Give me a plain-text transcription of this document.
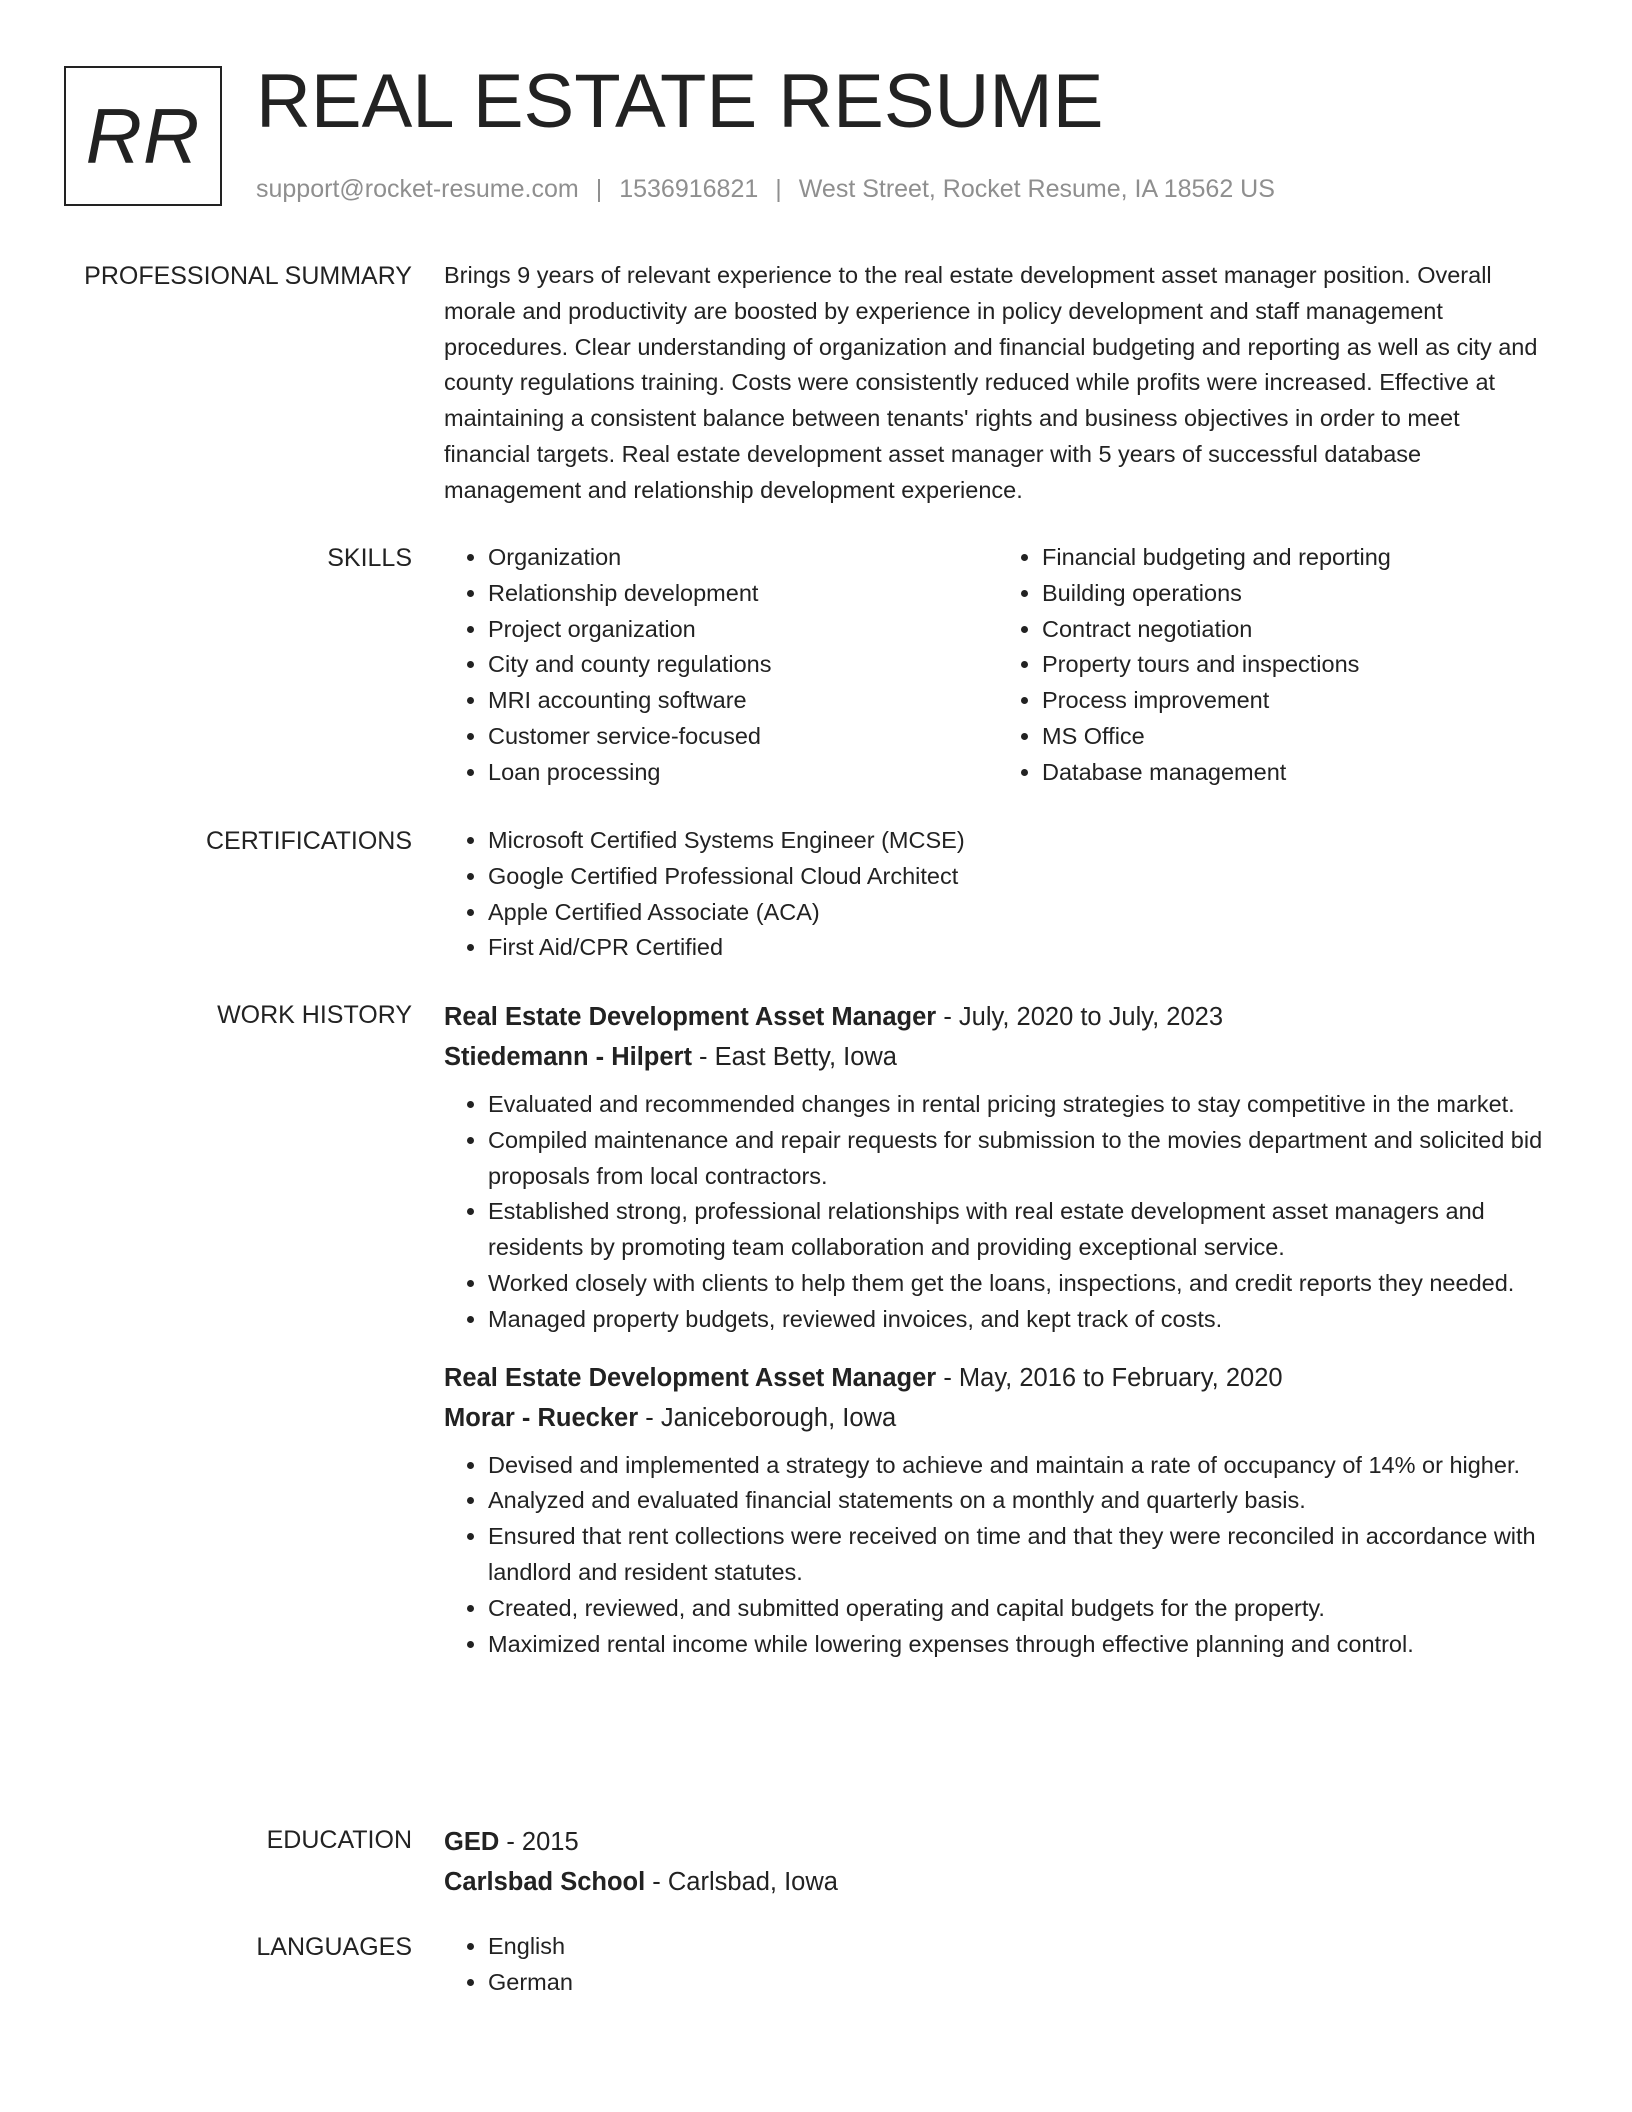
RR REAL ESTATE RESUME
support@rocket-resume.com | 1536916821 | West Street, Rocket Resume, IA 18562 US
PROFESSIONAL SUMMARY Brings 9 years of relevant experience to the real estate development asset manager position. Overall morale and productivity are boosted by experience in policy development and staff management procedures. Clear understanding of organization and financial budgeting and reporting as well as city and county regulations training. Costs were consistently reduced while profits were increased. Effective at maintaining a consistent balance between tenants' rights and business objectives in order to meet financial targets. Real estate development asset manager with 5 years of successful database management and relationship development experience.

SKILLS	• Organization
• Relationship development
• Project organization
• City and county regulations
• MRI accounting software
• Customer service-focused
• Loan processing
• Financial budgeting and reporting
• Building operations
• Contract negotiation
• Property tours and inspections
• Process improvement
• MS Office
• Database management
CERTIFICATIONS	• Microsoft Certified Systems Engineer (MCSE)
• Google Certified Professional Cloud Architect
• Apple Certified Associate (ACA)
• First Aid/CPR Certified
WORK HISTORY Real Estate Development Asset Manager - July, 2020 to July, 2023
Stiedemann - Hilpert - East Betty, Iowa
• Evaluated and recommended changes in rental pricing strategies to stay competitive in the market.
• Compiled maintenance and repair requests for submission to the movies department and solicited bid proposals from local contractors.
• Established strong, professional relationships with real estate development asset managers and residents by promoting team collaboration and providing exceptional service.
• Worked closely with clients to help them get the loans, inspections, and credit reports they needed.
• Managed property budgets, reviewed invoices, and kept track of costs.
Real Estate Development Asset Manager - May, 2016 to February, 2020
Morar - Ruecker - Janiceborough, Iowa
• Devised and implemented a strategy to achieve and maintain a rate of occupancy of 14% or higher.
• Analyzed and evaluated financial statements on a monthly and quarterly basis.
• Ensured that rent collections were received on time and that they were reconciled in accordance with landlord and resident statutes.
• Created, reviewed, and submitted operating and capital budgets for the property.
• Maximized rental income while lowering expenses through effective planning and control.
EDUCATION GED - 2015
Carlsbad School - Carlsbad, Iowa
LANGUAGES	• English
• German
